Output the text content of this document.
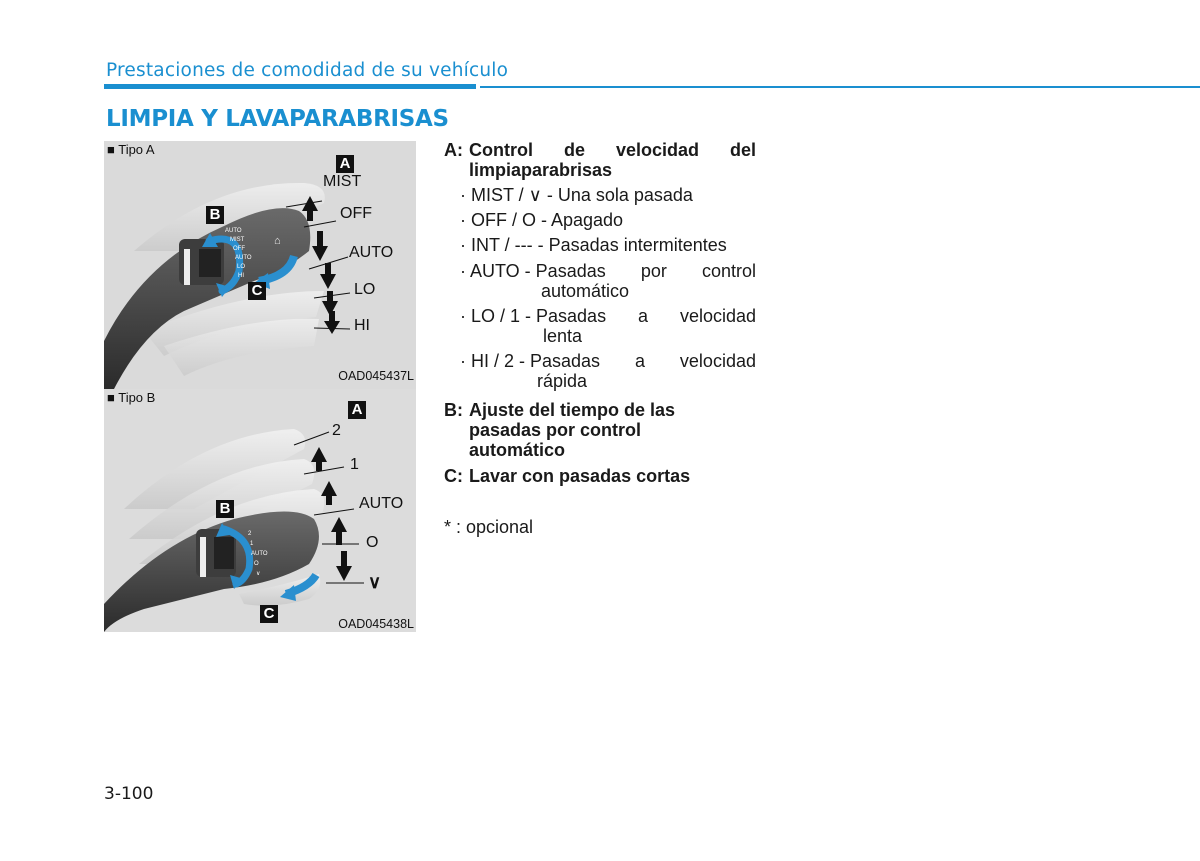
Prestaciones de comodidad de su vehículo
LIMPIA Y LAVAPARABRISAS
⌂
■ Tipo A
A
B
C
MIST
OFF
AUTO
LO
HI
OAD045437L
AUTO
MIST
OFF
AUTO
LO
HI
■ Tipo B
A
B
C
2
1
AUTO
O
∨
OAD045438L
2
1
AUTO
O
∨
A: Control de velocidad del
limpiaparabrisas
· MIST / ∨ - Una sola pasada
· OFF / O - Apagado
· INT / --- - Pasadas intermitentes
· AUTO - Pasadas por control
automático
· LO / 1 - Pasadas a velocidad
lenta
· HI / 2 - Pasadas a velocidad
rápida
B: Ajuste del tiempo de las
pasadas por control
automático
C: Lavar con pasadas cortas
* : opcional
3-100
